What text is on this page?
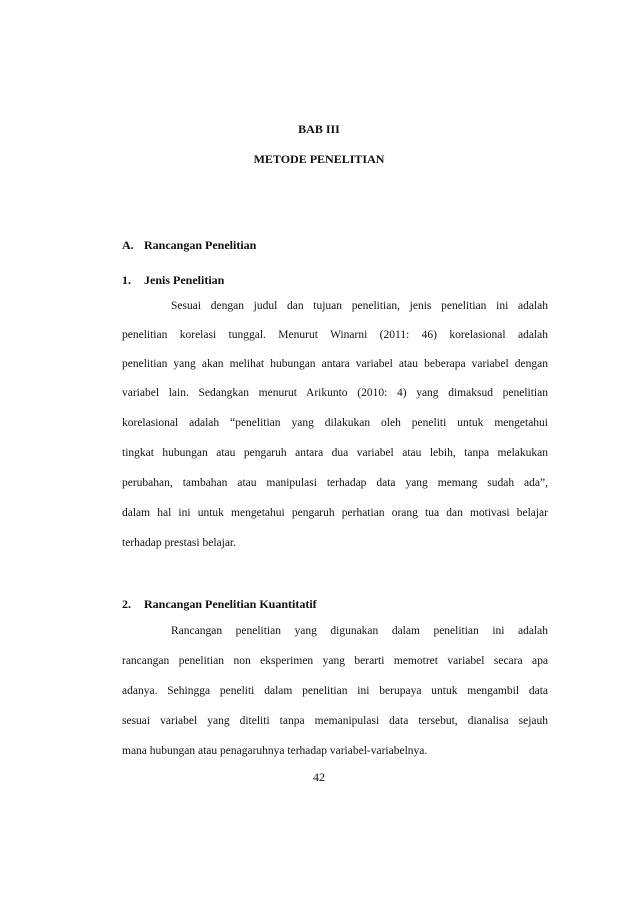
BAB III
METODE PENELITIAN
A. Rancangan Penelitian
1. Jenis Penelitian
Sesuai dengan judul dan tujuan penelitian, jenis penelitian ini adalah
penelitian korelasi tunggal. Menurut Winarni (2011: 46) korelasional adalah
penelitian yang akan melihat hubungan antara variabel atau beberapa variabel dengan
variabel lain. Sedangkan menurut Arikunto (2010: 4) yang dimaksud penelitian
korelasional adalah “penelitian yang dilakukan oleh peneliti untuk mengetahui
tingkat hubungan atau pengaruh antara dua variabel atau lebih, tanpa melakukan
perubahan, tambahan atau manipulasi terhadap data yang memang sudah ada”,
dalam hal ini untuk mengetahui pengaruh perhatian orang tua dan motivasi belajar
terhadap prestasi belajar.
2. Rancangan Penelitian Kuantitatif
Rancangan penelitian yang digunakan dalam penelitian ini adalah
rancangan penelitian non eksperimen yang berarti memotret variabel secara apa
adanya. Sehingga peneliti dalam penelitian ini berupaya untuk mengambil data
sesuai variabel yang diteliti tanpa memanipulasi data tersebut, dianalisa sejauh
mana hubungan atau penagaruhnya terhadap variabel-variabelnya.
42
